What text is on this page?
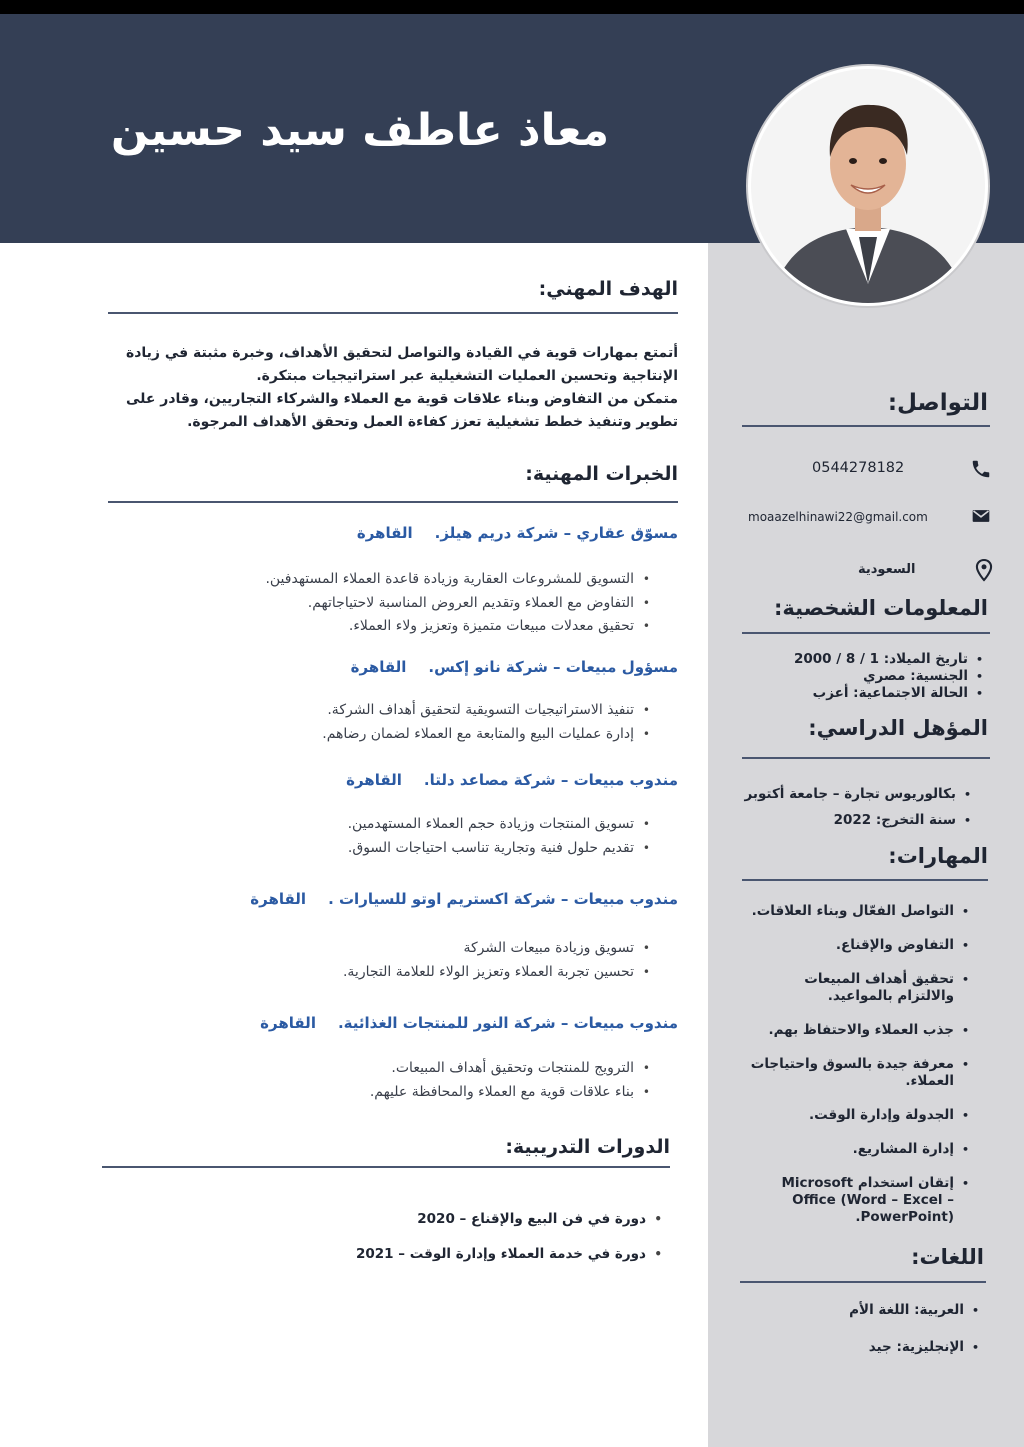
معاذ عاطف سيد حسين
الهدف المهني:
أتمتع بمهارات قوية في القيادة والتواصل لتحقيق الأهداف، وخبرة مثبتة في زيادة
الإنتاجية وتحسين العمليات التشغيلية عبر استراتيجيات مبتكرة.
متمكن من التفاوض وبناء علاقات قوية مع العملاء والشركاء التجاريين، وقادر على
تطوير وتنفيذ خطط تشغيلية تعزز كفاءة العمل وتحقق الأهداف المرجوة.
الخبرات المهنية:
مسوّق عقاري – شركة دريم هيلز.القاهرة
• التسويق للمشروعات العقارية وزيادة قاعدة العملاء المستهدفين.
• التفاوض مع العملاء وتقديم العروض المناسبة لاحتياجاتهم.
• تحقيق معدلات مبيعات متميزة وتعزيز ولاء العملاء.
مسؤول مبيعات – شركة نانو إكس.القاهرة
• تنفيذ الاستراتيجيات التسويقية لتحقيق أهداف الشركة.
• إدارة عمليات البيع والمتابعة مع العملاء لضمان رضاهم.
مندوب مبيعات – شركة مصاعد دلتا.القاهرة
• تسويق المنتجات وزيادة حجم العملاء المستهدمين.
• تقديم حلول فنية وتجارية تناسب احتياجات السوق.
مندوب مبيعات – شركة اكستريم اوتو للسيارات .القاهرة
• تسويق وزيادة مبيعات الشركة
• تحسين تجربة العملاء وتعزيز الولاء للعلامة التجارية.
مندوب مبيعات – شركة النور للمنتجات الغذائية.القاهرة
• الترويج للمنتجات وتحقيق أهداف المبيعات.
• بناء علاقات قوية مع العملاء والمحافظة عليهم.
الدورات التدريبية:
• دورة في فن البيع والإقناع – 2020
• دورة في خدمة العملاء وإدارة الوقت – 2021
التواصل:
0544278182
moaazelhinawi22@gmail.com
السعودية
المعلومات الشخصية:
• تاريخ الميلاد: 1 / 8 / 2000
• الجنسية: مصري
• الحالة الاجتماعية: أعزب
المؤهل الدراسي:
• بكالوريوس تجارة – جامعة أكتوبر
• سنة التخرج: 2022
المهارات:
• التواصل الفعّال وبناء العلاقات.
• التفاوض والإقناع.
• تحقيق أهداف المبيعات والالتزام بالمواعيد.
• جذب العملاء والاحتفاظ بهم.
• معرفة جيدة بالسوق واحتياجات العملاء.
• الجدولة وإدارة الوقت.
• إدارة المشاريع.
• إتقان استخدام Microsoft Office (Word – Excel – PowerPoint).
اللغات:
• العربية: اللغة الأم
• الإنجليزية: جيد
